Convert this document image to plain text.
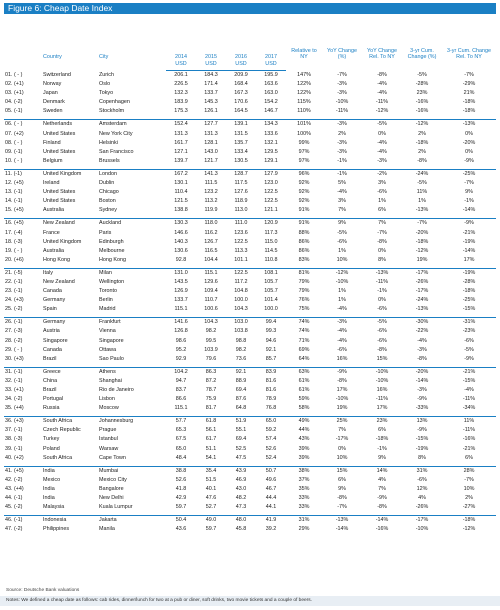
Figure 6: Cheap Date Index
	Country	City	2014	2015	2016	2017	Relative to NY	YoY Change (%)	YoY Change Rel. To NY	3-yr Cum. Change (%)	3-yr Cum. Change Rel. To NY
			USD	USD	USD	USD					
01. ( - )	Switzerland	Zurich	206.1	184.3	209.9	195.9	147%	-7%	-8%	-5%	-7%
02. (+1)	Norway	Oslo	226.5	171.4	168.4	163.6	122%	-3%	-4%	-28%	-29%
03. (+1)	Japan	Tokyo	132.3	133.7	167.3	163.0	122%	-3%	-4%	23%	21%
04. (-2)	Denmark	Copenhagen	183.9	145.3	170.6	154.2	115%	-10%	-11%	-16%	-18%
05. (-1)	Sweden	Stockholm	175.3	126.1	164.5	146.7	110%	-11%	-12%	-16%	-18%

06. ( - )	Netherlands	Amsterdam	152.4	127.7	139.1	134.3	101%	-3%	-5%	-12%	-13%
07. (+2)	United States	New York City	131.3	131.3	131.5	133.6	100%	2%	0%	2%	0%
08. ( - )	Finland	Helsinki	161.7	128.1	135.7	132.1	99%	-3%	-4%	-18%	-20%
09. (-1)	United States	San Francisco	127.1	143.0	133.4	129.5	97%	-3%	-4%	2%	0%
10. ( - )	Belgium	Brussels	139.7	121.7	130.5	129.1	97%	-1%	-3%	-8%	-9%

11. (-1)	United Kingdom	London	167.2	141.3	128.7	127.9	96%	-1%	-2%	-24%	-25%
12. (+5)	Ireland	Dublin	130.1	111.5	117.5	123.0	92%	5%	3%	-5%	-7%
13. (-1)	United States	Chicago	110.4	123.2	127.6	122.5	92%	-4%	-6%	11%	9%
14. (-1)	United States	Boston	121.5	113.2	118.9	122.5	92%	3%	1%	1%	-1%
15. (+5)	Australia	Sydney	138.8	119.9	113.0	121.1	91%	7%	6%	-13%	-14%

16. (+5)	New Zealand	Auckland	130.3	118.0	111.0	120.9	91%	9%	7%	-7%	-9%
17. (-4)	France	Paris	146.6	116.2	123.6	117.3	88%	-5%	-7%	-20%	-21%
18. (-3)	United Kingdom	Edinburgh	140.3	126.7	122.5	115.0	86%	-6%	-8%	-18%	-19%
19. ( - )	Australia	Melbourne	130.6	116.5	113.3	114.5	86%	1%	0%	-12%	-14%
20. (+6)	Hong Kong	Hong Kong	92.8	104.4	101.1	110.8	83%	10%	8%	19%	17%

21. (-5)	Italy	Milan	131.0	115.1	122.5	108.1	81%	-12%	-13%	-17%	-19%
22. (-1)	New Zealand	Wellington	143.5	129.6	117.2	105.7	79%	-10%	-11%	-26%	-28%
23. (-1)	Canada	Toronto	126.9	109.4	104.8	105.7	79%	1%	-1%	-17%	-18%
24. (+3)	Germany	Berlin	133.7	110.7	100.0	101.4	76%	1%	0%	-24%	-25%
25. (-2)	Spain	Madrid	115.1	100.6	104.3	100.0	75%	-4%	-6%	-13%	-15%

26. (-1)	Germany	Frankfurt	141.6	104.3	103.0	99.4	74%	-3%	-5%	-30%	-31%
27. (-3)	Austria	Vienna	126.8	98.2	103.8	99.3	74%	-4%	-6%	-22%	-23%
28. (-2)	Singapore	Singapore	98.6	99.5	98.8	94.6	71%	-4%	-6%	-4%	-6%
29. ( - )	Canada	Ottawa	95.2	103.9	98.2	92.1	69%	-6%	-8%	-3%	-5%
30. (+3)	Brazil	Sao Paulo	92.9	79.6	73.6	85.7	64%	16%	15%	-8%	-9%

31. (-1)	Greece	Athens	104.2	86.3	92.1	83.9	63%	-9%	-10%	-20%	-21%
32. (-1)	China	Shanghai	94.7	87.2	88.9	81.6	61%	-8%	-10%	-14%	-15%
33. (+1)	Brazil	Rio de Janeiro	83.7	78.7	69.4	81.6	61%	17%	16%	-3%	-4%
34. (-2)	Portugal	Lisbon	86.6	75.9	87.6	78.9	59%	-10%	-11%	-9%	-11%
35. (+4)	Russia	Moscow	115.1	81.7	64.8	76.8	58%	19%	17%	-33%	-34%

36. (+3)	South Africa	Johannesburg	57.7	61.8	51.9	65.0	49%	25%	23%	13%	11%
37. (-1)	Czech Republic	Prague	65.3	56.1	55.1	59.2	44%	7%	6%	-9%	-11%
38. (-3)	Turkey	Istanbul	67.5	61.7	69.4	57.4	43%	-17%	-18%	-15%	-16%
39. (-1)	Poland	Warsaw	65.0	51.1	52.5	52.6	39%	0%	-1%	-19%	-21%
40. (+2)	South Africa	Cape Town	48.4	54.1	47.5	52.4	39%	10%	9%	8%	6%

41. (+5)	India	Mumbai	38.8	35.4	43.9	50.7	38%	15%	14%	31%	28%
42. (-2)	Mexico	Mexico City	52.6	51.5	46.9	49.6	37%	6%	4%	-6%	-7%
43. (+4)	India	Bangalore	41.8	40.1	43.0	46.7	35%	9%	7%	12%	10%
44. (-1)	India	New Delhi	42.9	47.6	48.2	44.4	33%	-8%	-9%	4%	2%
45. (-2)	Malaysia	Kuala Lumpur	59.7	52.7	47.3	44.1	33%	-7%	-8%	-26%	-27%

46. (-1)	Indonesia	Jakarta	50.4	49.0	48.0	41.9	31%	-13%	-14%	-17%	-18%
47. (-2)	Philippines	Manila	43.6	59.7	45.8	39.2	29%	-14%	-16%	-10%	-12%
Source: Deutsche Bank valuations
Notes: We defined a cheap date as follows: cab rides, dinner/lunch for two at a pub or diner, soft drinks, two movie tickets and a couple of beers.
